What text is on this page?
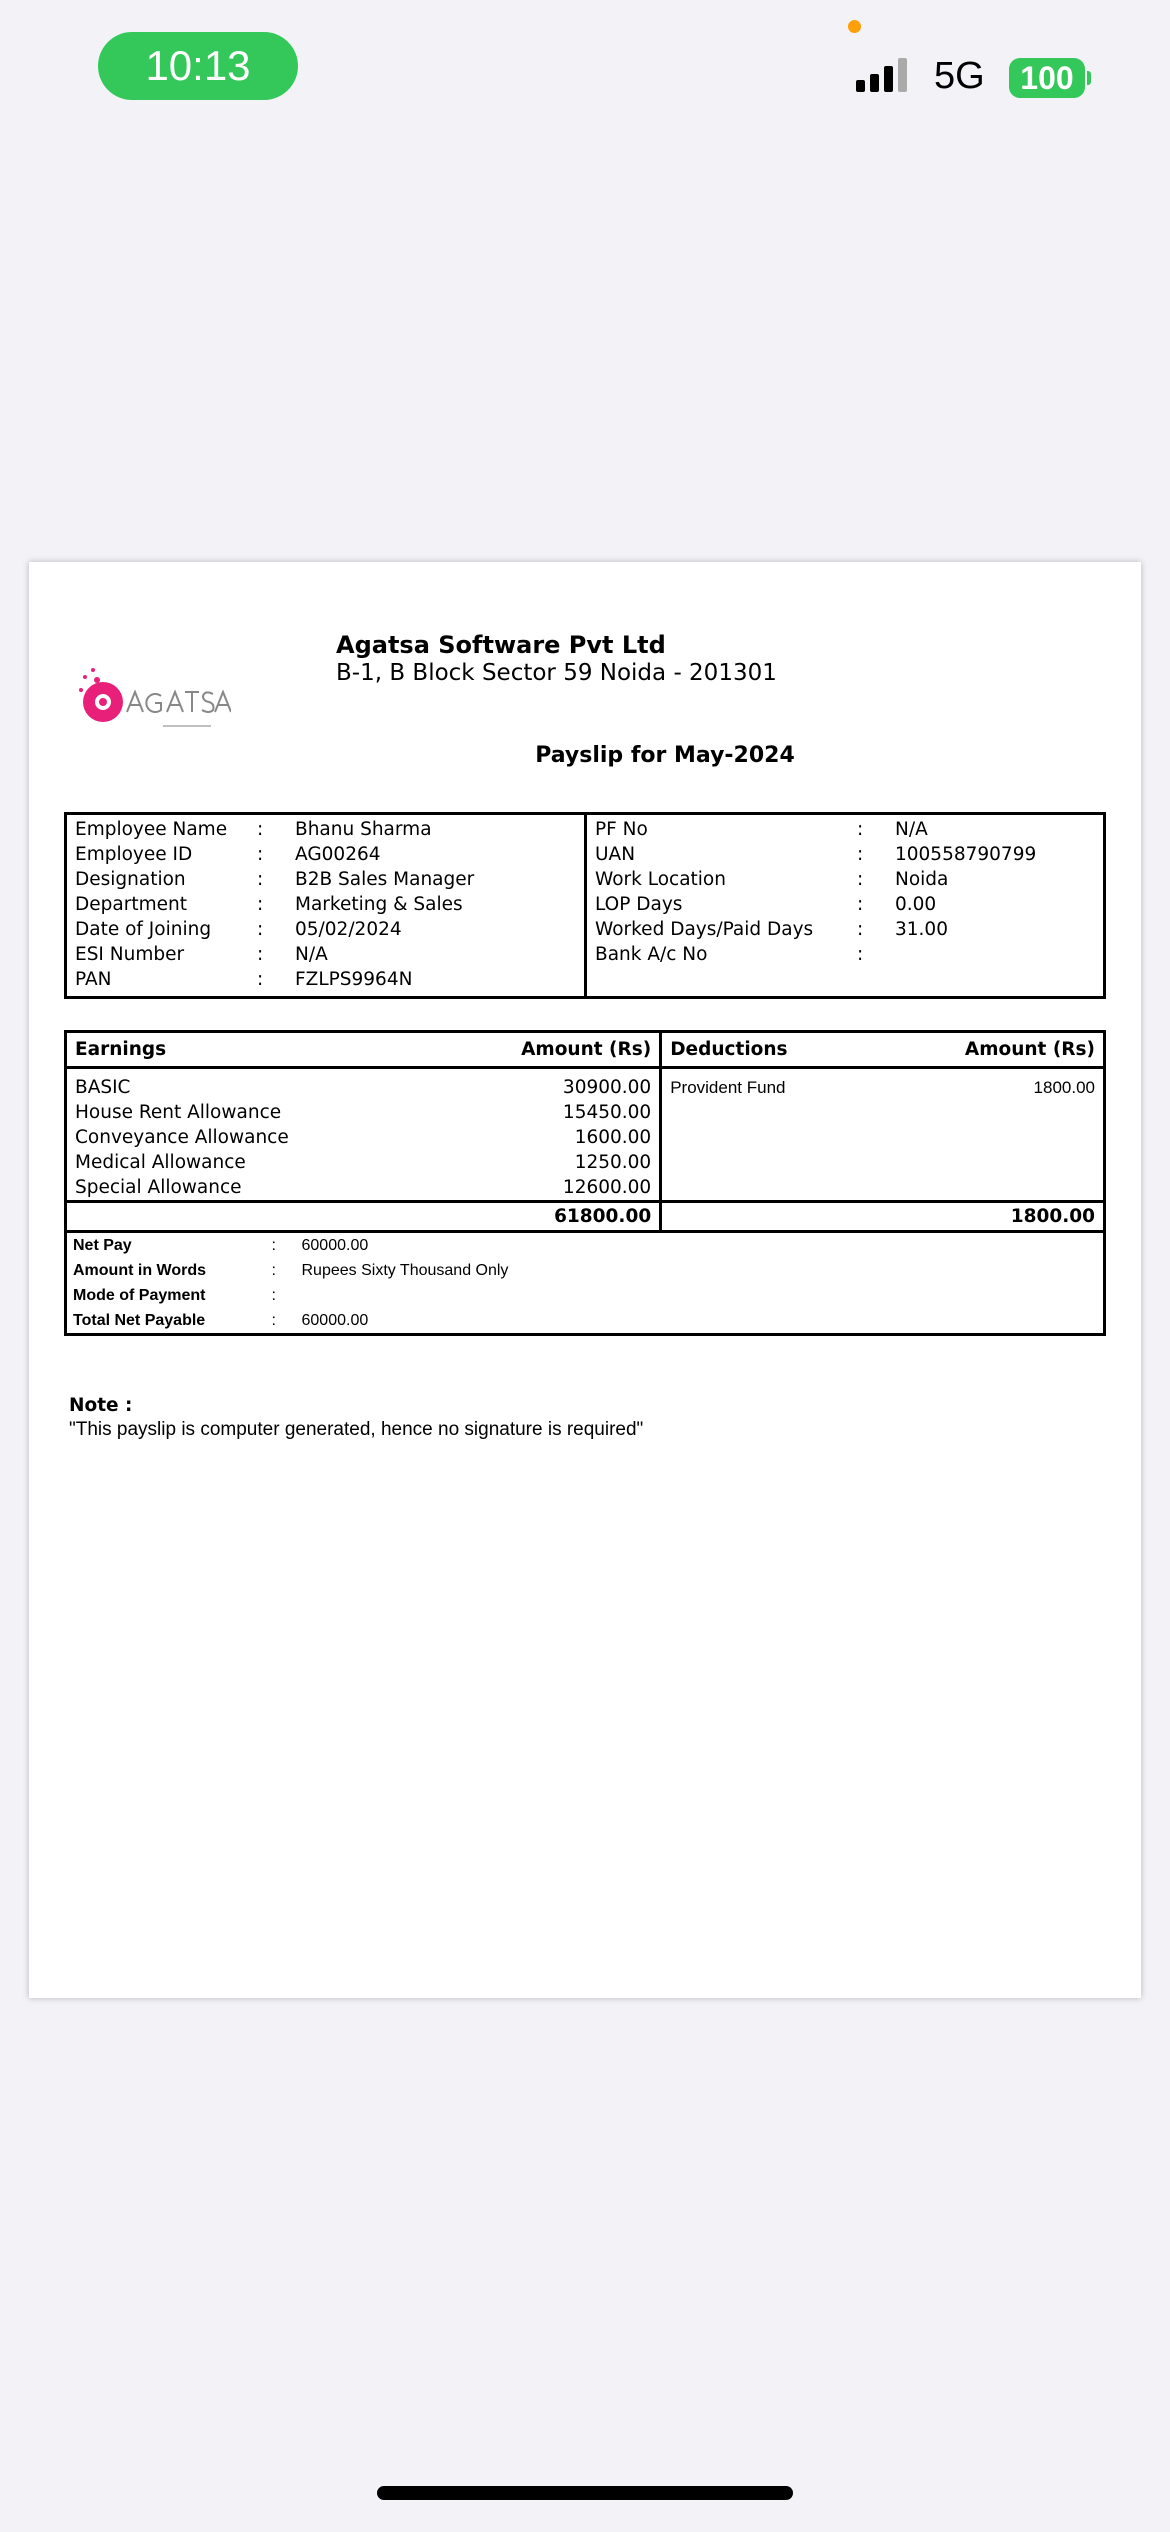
10:13	5G	100
Agatsa Software Pvt Ltd
B-1, B Block Sector 59 Noida - 201301
Payslip for May-2024
Employee Name	:	Bhanu Sharma
Employee ID	:	AG00264
Designation	:	B2B Sales Manager
Department	:	Marketing & Sales
Date of Joining	:	05/02/2024
ESI Number	:	N/A
PAN	:	FZLPS9964N

PF No	:	N/A
UAN	:	100558790799
Work Location	:	Noida
LOP Days	:	0.00
Worked Days/Paid Days	:	31.00
Bank A/c No	:	
Earnings	Amount (Rs)	Deductions	Amount (Rs)
BASIC	30900.00	Provident Fund	1800.00
House Rent Allowance	15450.00		
Conveyance Allowance	1600.00		
Medical Allowance	1250.00		
Special Allowance	12600.00		
	61800.00		1800.00
Net Pay	:	60000.00
Amount in Words	:	Rupees Sixty Thousand Only
Mode of Payment	:	
Total Net Payable	:	60000.00
Note :
"This payslip is computer generated, hence no signature is required"
